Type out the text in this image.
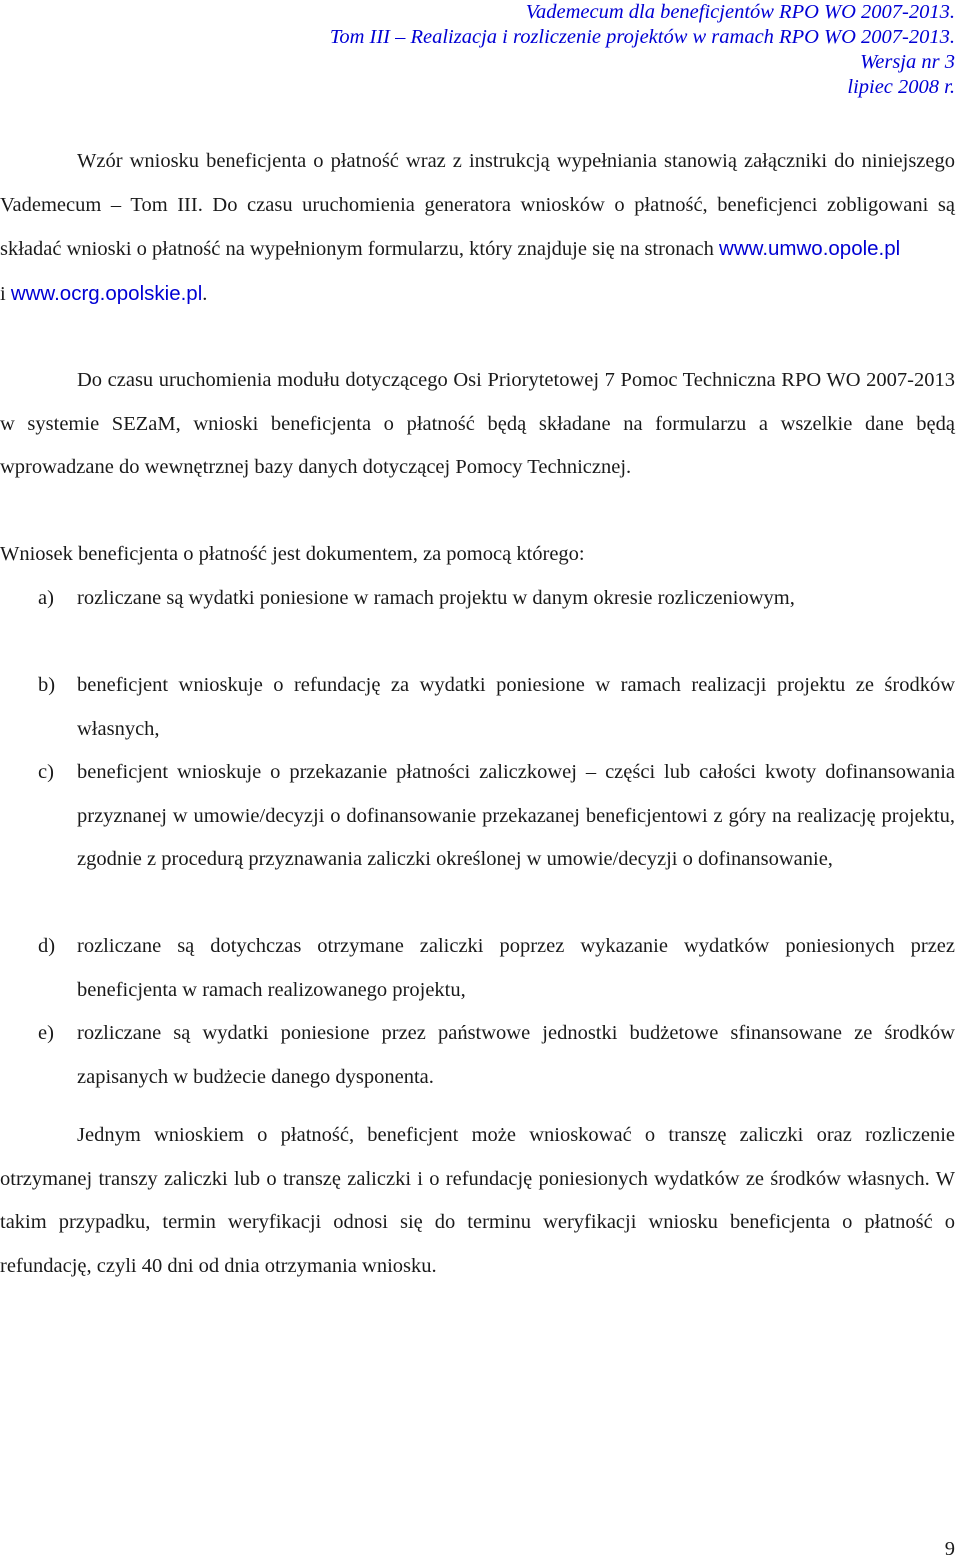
Vademecum dla beneficjentów RPO WO 2007-2013.
Tom III – Realizacja i rozliczenie projektów w ramach RPO WO 2007-2013.
Wersja nr 3
lipiec 2008 r.
Wzór wniosku beneficjenta o płatność wraz z instrukcją wypełniania stanowią załączniki do niniejszego Vademecum – Tom III. Do czasu uruchomienia generatora wniosków o płatność, beneficjenci zobligowani są składać wnioski o płatność na wypełnionym formularzu, który znajduje się na stronach www.umwo.opole.pl
i www.ocrg.opolskie.pl.
Do czasu uruchomienia modułu dotyczącego Osi Priorytetowej 7 Pomoc Techniczna RPO WO 2007-2013 w systemie SEZaM, wnioski beneficjenta o płatność będą składane na formularzu a wszelkie dane będą wprowadzane do wewnętrznej bazy danych dotyczącej Pomocy Technicznej.
Wniosek beneficjenta o płatność jest dokumentem, za pomocą którego:
a) rozliczane są wydatki poniesione w ramach projektu w danym okresie rozliczeniowym,
b) beneficjent wnioskuje o refundację za wydatki poniesione w ramach realizacji projektu ze środków własnych,
c) beneficjent wnioskuje o przekazanie płatności zaliczkowej – części lub całości kwoty dofinansowania przyznanej w umowie/decyzji o dofinansowanie przekazanej beneficjentowi z góry na realizację projektu, zgodnie z procedurą przyznawania zaliczki określonej w umowie/decyzji o dofinansowanie,
d) rozliczane są dotychczas otrzymane zaliczki poprzez wykazanie wydatków poniesionych przez beneficjenta w ramach realizowanego projektu,
e) rozliczane są wydatki poniesione przez państwowe jednostki budżetowe sfinansowane ze środków zapisanych w budżecie danego dysponenta.
Jednym wnioskiem o płatność, beneficjent może wnioskować o transzę zaliczki oraz rozliczenie otrzymanej transzy zaliczki lub o transzę zaliczki i o refundację poniesionych wydatków ze środków własnych. W takim przypadku, termin weryfikacji odnosi się do terminu weryfikacji wniosku beneficjenta o płatność o refundację, czyli 40 dni od dnia otrzymania wniosku.
9
